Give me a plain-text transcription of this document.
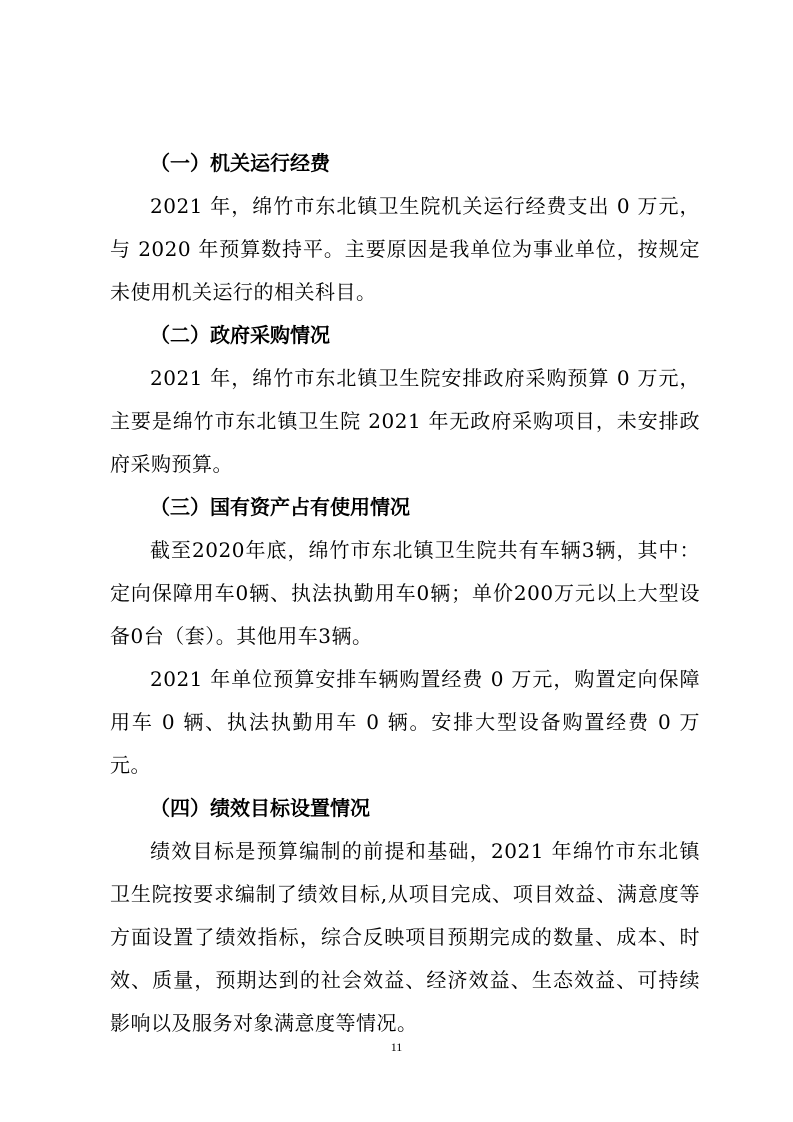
（一）机关运行经费

2021 年，绵竹市东北镇卫生院机关运行经费支出 0 万元，与 2020 年预算数持平。主要原因是我单位为事业单位，按规定未使用机关运行的相关科目。

（二）政府采购情况

2021 年，绵竹市东北镇卫生院安排政府采购预算 0 万元，主要是绵竹市东北镇卫生院 2021 年无政府采购项目，未安排政府采购预算。

（三）国有资产占有使用情况

截至2020年底，绵竹市东北镇卫生院共有车辆3辆，其中：定向保障用车0辆、执法执勤用车0辆；单价200万元以上大型设备0台（套）。其他用车3辆。

2021 年单位预算安排车辆购置经费 0 万元，购置定向保障用车 0 辆、执法执勤用车 0 辆。安排大型设备购置经费 0 万元。

（四）绩效目标设置情况

绩效目标是预算编制的前提和基础，2021 年绵竹市东北镇卫生院按要求编制了绩效目标,从项目完成、项目效益、满意度等方面设置了绩效指标，综合反映项目预期完成的数量、成本、时效、质量，预期达到的社会效益、经济效益、生态效益、可持续影响以及服务对象满意度等情况。

11
